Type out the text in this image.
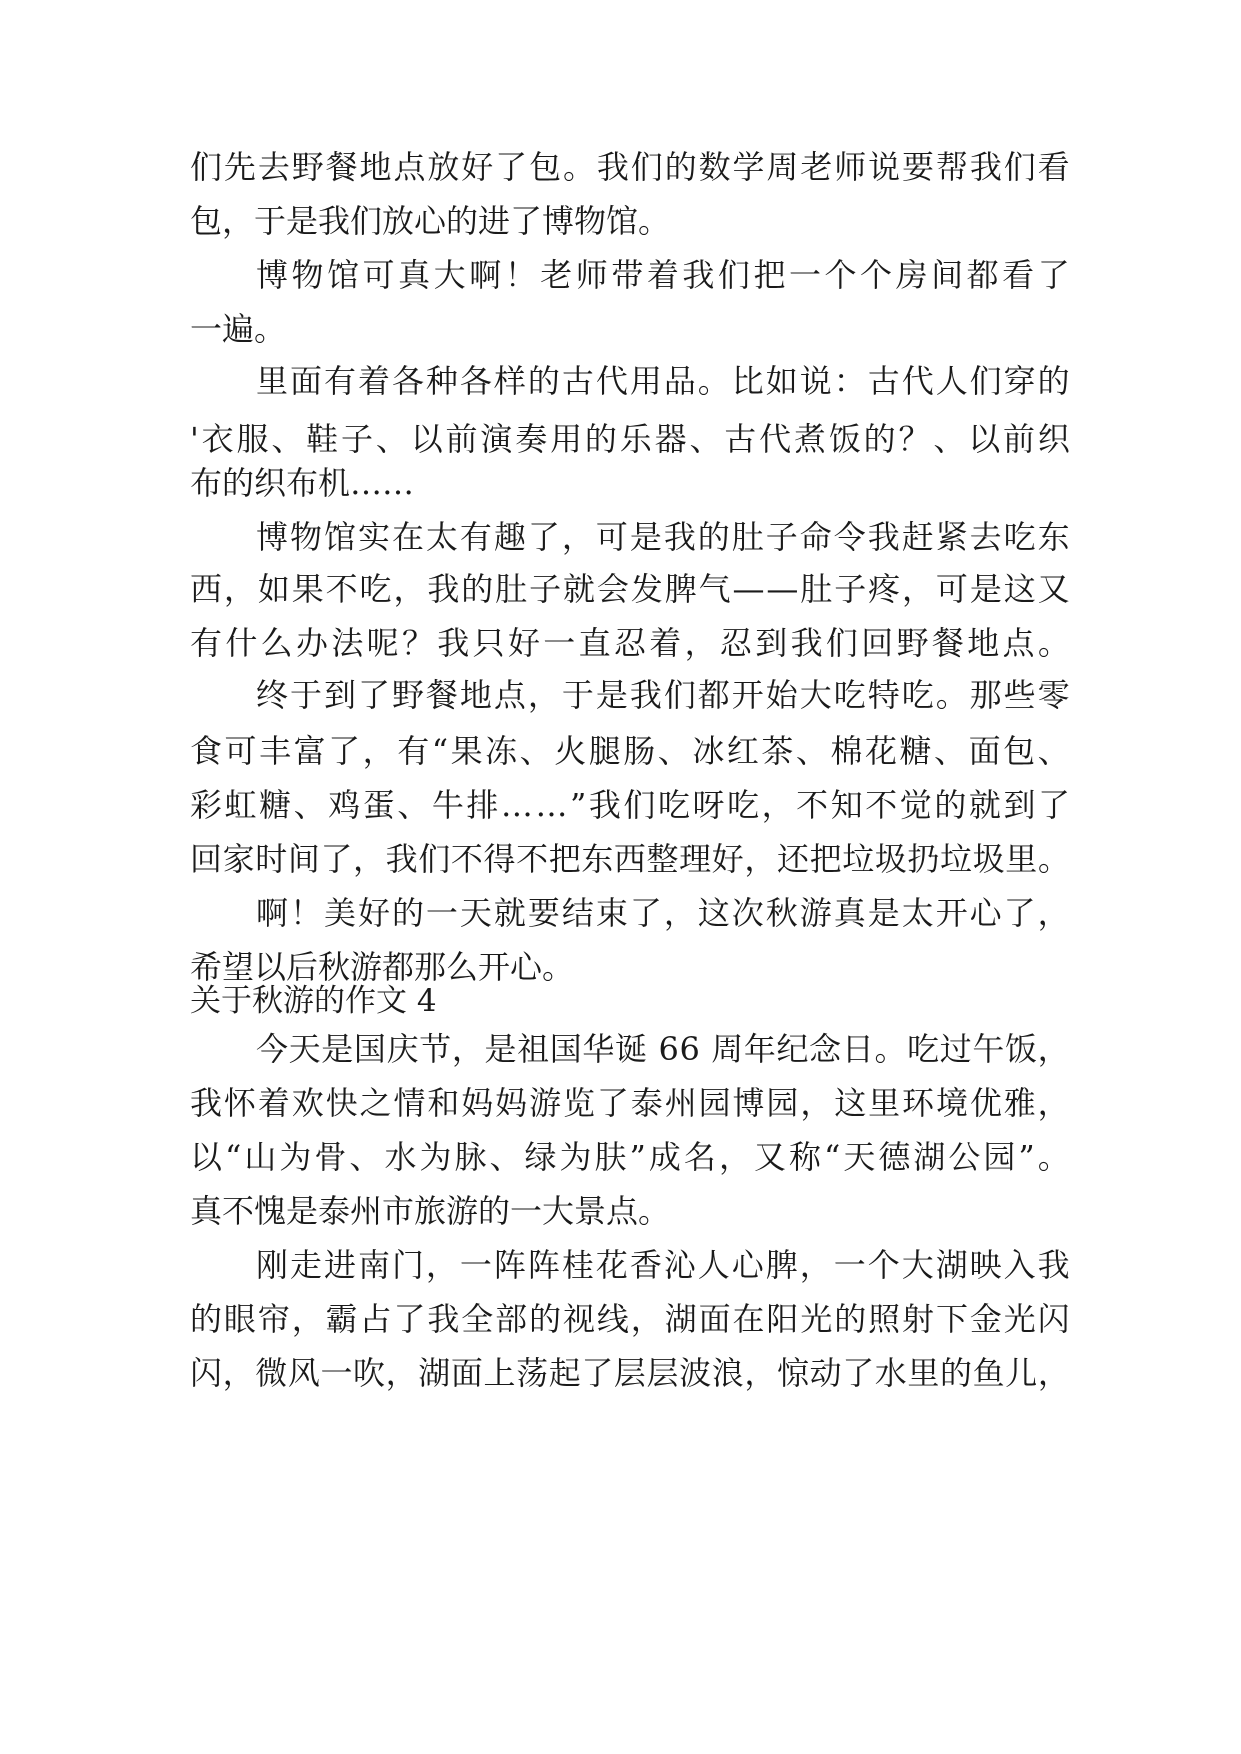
们 先 去 野 餐 地 点 放 好 了 包 。 我 们 的 数 学 周 老 师 说 要 帮 我 们 看
包，于是我们放心的进了博物馆。
博 物 馆 可 真 大 啊 ！ 老 师 带 着 我 们 把 一 个 个 房 间 都 看 了
一遍。
里 面 有 着 各 种 各 样 的 古 代 用 品 。 比 如 说 ： 古 代 人 们 穿 的
' 衣 服 、 鞋 子 、 以 前 演 奏 用 的 乐 器 、 古 代 煮 饭 的 ？ 、 以 前 织
布的织布机……
博 物 馆 实 在 太 有 趣 了 ， 可 是 我 的 肚 子 命 令 我 赶 紧 去 吃 东
西 ， 如 果 不 吃 ， 我 的 肚 子 就 会 发 脾 气 — — 肚 子 疼 ， 可 是 这 又
有 什 么 办 法 呢 ？ 我 只 好 一 直 忍 着 ， 忍 到 我 们 回 野 餐 地 点 。
终 于 到 了 野 餐 地 点 ， 于 是 我 们 都 开 始 大 吃 特 吃 。 那 些 零
食 可 丰 富 了 ， 有 “ 果 冻 、 火 腿 肠 、 冰 红 茶 、 棉 花 糖 、 面 包 、
彩 虹 糖 、 鸡 蛋 、 牛 排 … … ” 我 们 吃 呀 吃 ， 不 知 不 觉 的 就 到 了
回 家 时 间 了 ， 我 们 不 得 不 把 东 西 整 理 好 ， 还 把 垃 圾 扔 垃 圾 里 。
啊 ！ 美 好 的 一 天 就 要 结 束 了 ， 这 次 秋 游 真 是 太 开 心 了 ，
希望以后秋游都那么开心。
关于秋游的作文 4
今 天 是 国 庆 节 ， 是 祖 国 华 诞
6 6
周 年 纪 念 日 。 吃 过 午 饭 ，
我 怀 着 欢 快 之 情 和 妈 妈 游 览 了 泰 州 园 博 园 ， 这 里 环 境 优 雅 ，
以 “ 山 为 骨 、 水 为 脉 、 绿 为 肤 ” 成 名 ， 又 称 “ 天 德 湖 公 园 ” 。
真不愧是泰州市旅游的一大景点。
刚 走 进 南 门 ， 一 阵 阵 桂 花 香 沁 人 心 脾 ， 一 个 大 湖 映 入 我
的 眼 帘 ， 霸 占 了 我 全 部 的 视 线 ， 湖 面 在 阳 光 的 照 射 下 金 光 闪
闪 ， 微 风 一 吹 ， 湖 面 上 荡 起 了 层 层 波 浪 ， 惊 动 了 水 里 的 鱼 儿 ，
